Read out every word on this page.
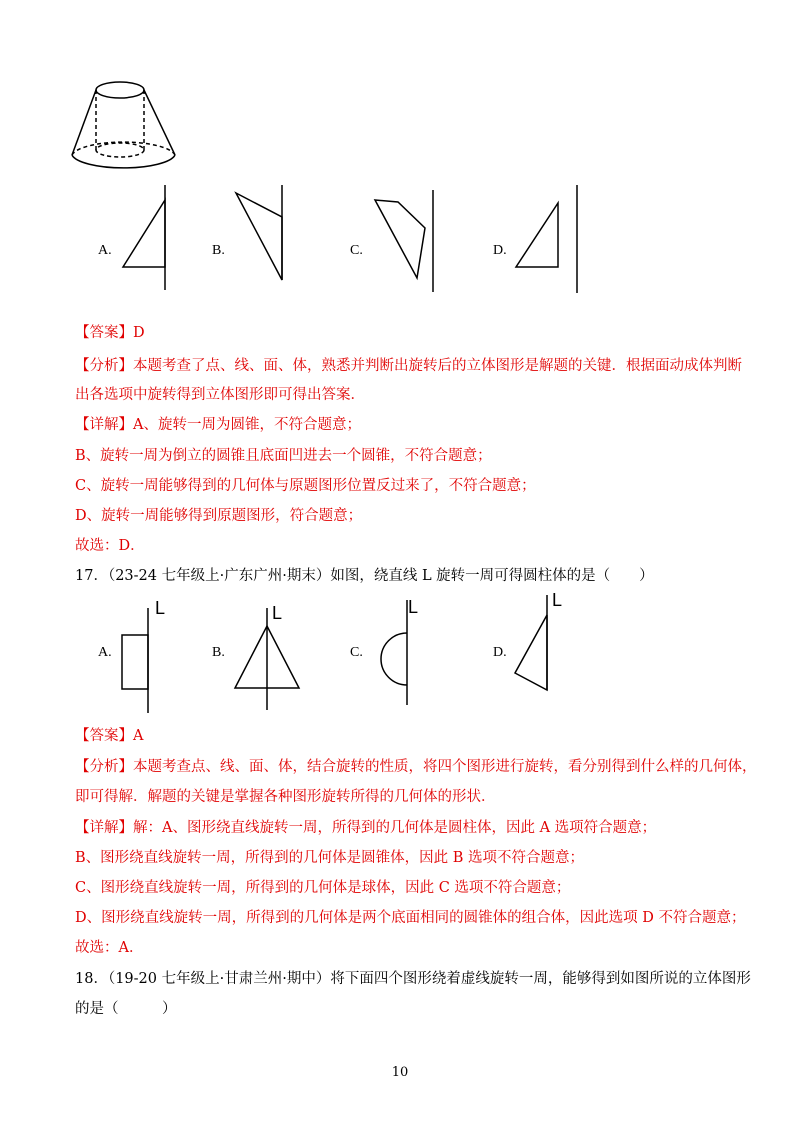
A.	B.	C.	D.
【答案】D
【分析】本题考查了点、线、面、体，熟悉并判断出旋转后的立体图形是解题的关键．根据面动成体判断
出各选项中旋转得到立体图形即可得出答案．
【详解】A、旋转一周为圆锥，不符合题意；
B、旋转一周为倒立的圆锥且底面凹进去一个圆锥，不符合题意；
C、旋转一周能够得到的几何体与原题图形位置反过来了，不符合题意；
D、旋转一周能够得到原题图形，符合题意；
故选：D．
17．（23-24 七年级上·广东广州·期末）如图，绕直线 L 旋转一周可得圆柱体的是（　　）
A.
L
B.
L
C.
L
D.
L
【答案】A
【分析】本题考查点、线、面、体，结合旋转的性质，将四个图形进行旋转，看分别得到什么样的几何体，
即可得解．解题的关键是掌握各种图形旋转所得的几何体的形状．
【详解】解：A、图形绕直线旋转一周，所得到的几何体是圆柱体，因此 A 选项符合题意；
B、图形绕直线旋转一周，所得到的几何体是圆锥体，因此 B 选项不符合题意；
C、图形绕直线旋转一周，所得到的几何体是球体，因此 C 选项不符合题意；
D、图形绕直线旋转一周，所得到的几何体是两个底面相同的圆锥体的组合体，因此选项 D 不符合题意；
故选：A．
18．（19-20 七年级上·甘肃兰州·期中）将下面四个图形绕着虚线旋转一周，能够得到如图所说的立体图形
的是（　　　）
10
